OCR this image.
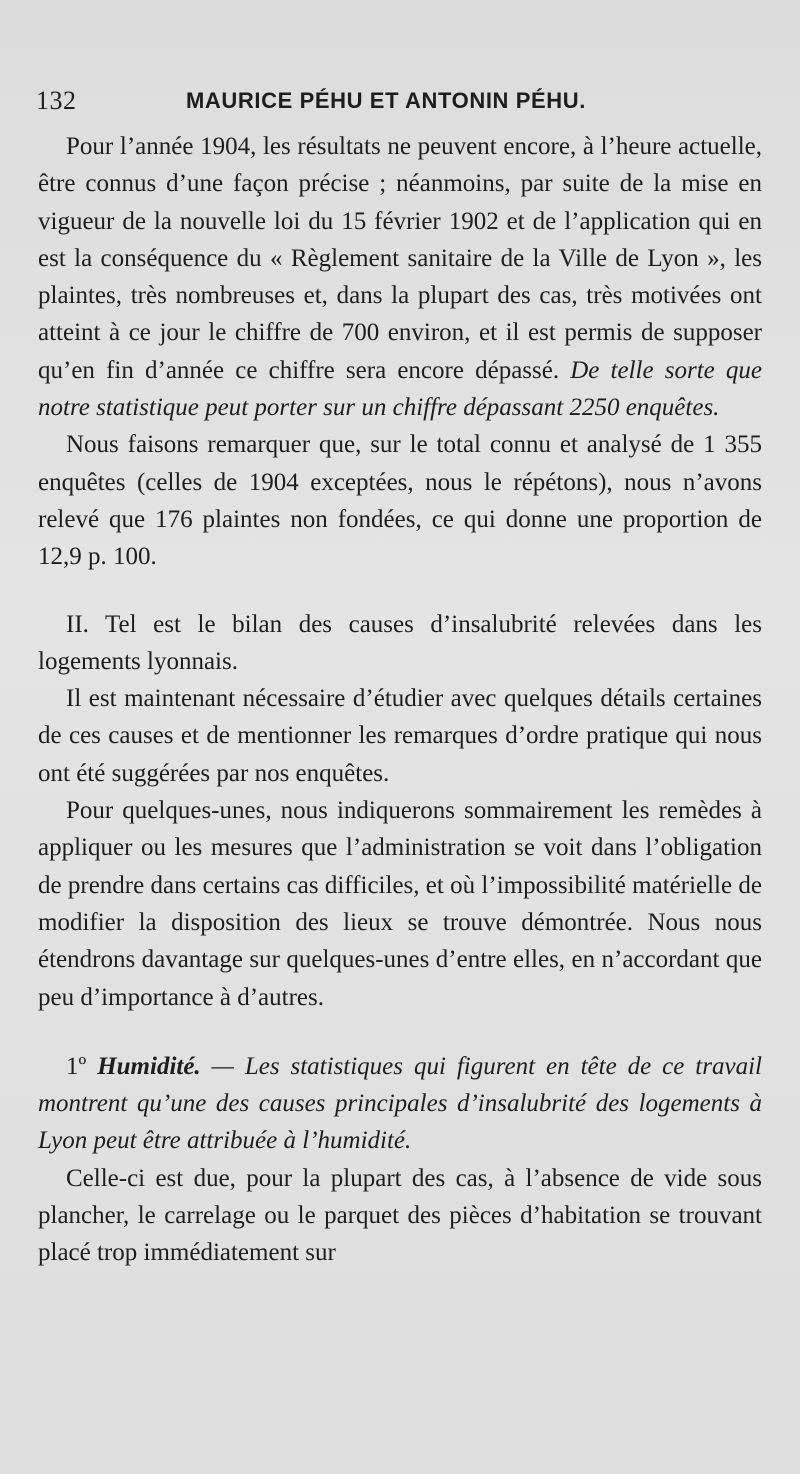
132	MAURICE PÉHU ET ANTONIN PÉHU.

Pour l’année 1904, les résultats ne peuvent encore, à l’heure actuelle, être connus d’une façon précise ; néanmoins, par suite de la mise en vigueur de la nouvelle loi du 15 février 1902 et de l’application qui en est la conséquence du « Règlement sanitaire de la Ville de Lyon », les plaintes, très nombreuses et, dans la plupart des cas, très motivées ont atteint à ce jour le chiffre de 700 environ, et il est permis de supposer qu’en fin d’année ce chiffre sera encore dépassé. De telle sorte que notre statistique peut porter sur un chiffre dépassant 2250 enquêtes.

Nous faisons remarquer que, sur le total connu et analysé de 1 355 enquêtes (celles de 1904 exceptées, nous le répétons), nous n’avons relevé que 176 plaintes non fondées, ce qui donne une proportion de 12,9 p. 100.

II. Tel est le bilan des causes d’insalubrité relevées dans les logements lyonnais.

Il est maintenant nécessaire d’étudier avec quelques détails certaines de ces causes et de mentionner les remarques d’ordre pratique qui nous ont été suggérées par nos enquêtes.

Pour quelques-unes, nous indiquerons sommairement les remèdes à appliquer ou les mesures que l’administration se voit dans l’obligation de prendre dans certains cas difficiles, et où l’impossibilité matérielle de modifier la disposition des lieux se trouve démontrée. Nous nous étendrons davantage sur quelques-unes d’entre elles, en n’accordant que peu d’importance à d’autres.

1º Humidité. — Les statistiques qui figurent en tête de ce travail montrent qu’une des causes principales d’insalubrité des logements à Lyon peut être attribuée à l’humidité.

Celle-ci est due, pour la plupart des cas, à l’absence de vide sous plancher, le carrelage ou le parquet des pièces d’habitation se trouvant placé trop immédiatement sur
